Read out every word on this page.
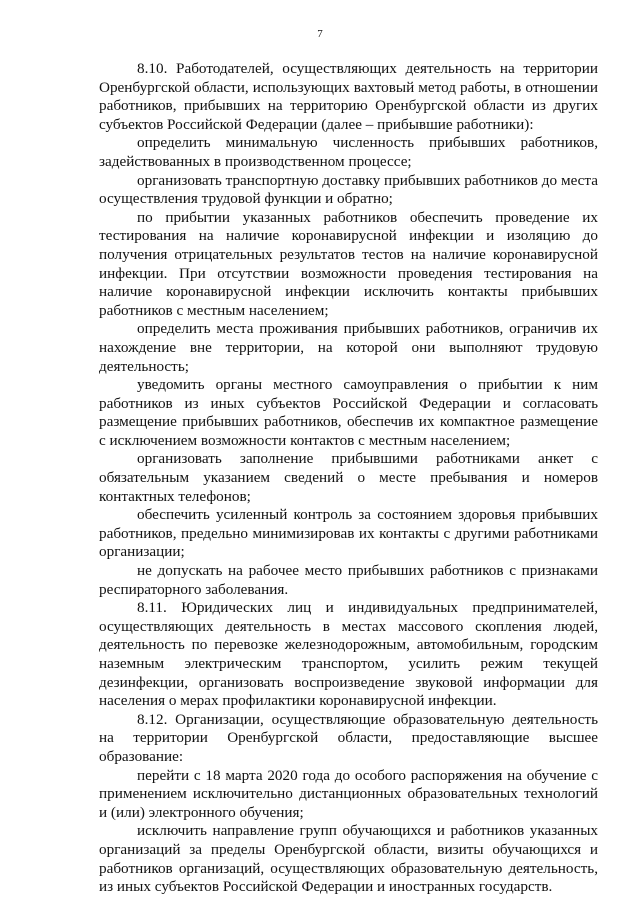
7

8.10. Работодателей, осуществляющих деятельность на территории Оренбургской области, использующих вахтовый метод работы, в отношении работников, прибывших на территорию Оренбургской области из других субъектов Российской Федерации (далее – прибывшие работники):

определить минимальную численность прибывших работников, задействованных в производственном процессе;

организовать транспортную доставку прибывших работников до места осуществления трудовой функции и обратно;

по прибытии указанных работников обеспечить проведение их тестирования на наличие коронавирусной инфекции и изоляцию до получения отрицательных результатов тестов на наличие коронавирусной инфекции. При отсутствии возможности проведения тестирования на наличие коронавирусной инфекции исключить контакты прибывших работников с местным населением;

определить места проживания прибывших работников, ограничив их нахождение вне территории, на которой они выполняют трудовую деятельность;

уведомить органы местного самоуправления о прибытии к ним работников из иных субъектов Российской Федерации и согласовать размещение прибывших работников, обеспечив их компактное размещение с исключением возможности контактов с местным населением;

организовать заполнение прибывшими работниками анкет с обязательным указанием сведений о месте пребывания и номеров контактных телефонов;

обеспечить усиленный контроль за состоянием здоровья прибывших работников, предельно минимизировав их контакты с другими работниками организации;

не допускать на рабочее место прибывших работников с признаками респираторного заболевания.

8.11. Юридических лиц и индивидуальных предпринимателей, осуществляющих деятельность в местах массового скопления людей, деятельность по перевозке железнодорожным, автомобильным, городским наземным электрическим транспортом, усилить режим текущей дезинфекции, организовать воспроизведение звуковой информации для населения о мерах профилактики коронавирусной инфекции.

8.12. Организации, осуществляющие образовательную деятельность на территории Оренбургской области, предоставляющие высшее образование:

перейти с 18 марта 2020 года до особого распоряжения на обучение с применением исключительно дистанционных образовательных технологий и (или) электронного обучения;

исключить направление групп обучающихся и работников указанных организаций за пределы Оренбургской области, визиты обучающихся и работников организаций, осуществляющих образовательную деятельность, из иных субъектов Российской Федерации и иностранных государств.
